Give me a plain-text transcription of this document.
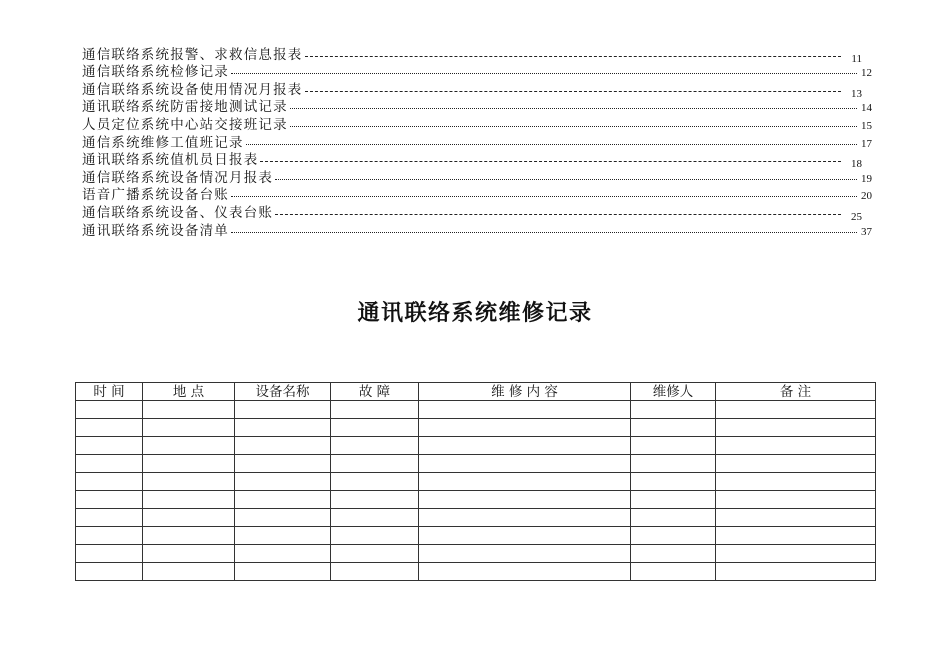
通信联络系统报警、求救信息报表	11
通信联络系统检修记录	12
通信联络系统设备使用情况月报表	13
通讯联络系统防雷接地测试记录	14
人员定位系统中心站交接班记录	15
通信系统维修工值班记录	17
通讯联络系统值机员日报表	18
通信联络系统设备情况月报表	19
语音广播系统设备台账	20
通信联络系统设备、仪表台账	25
通讯联络系统设备清单	37
通讯联络系统维修记录
时 间	地 点	设备名称	故 障	维 修 内 容	维修人	备 注
